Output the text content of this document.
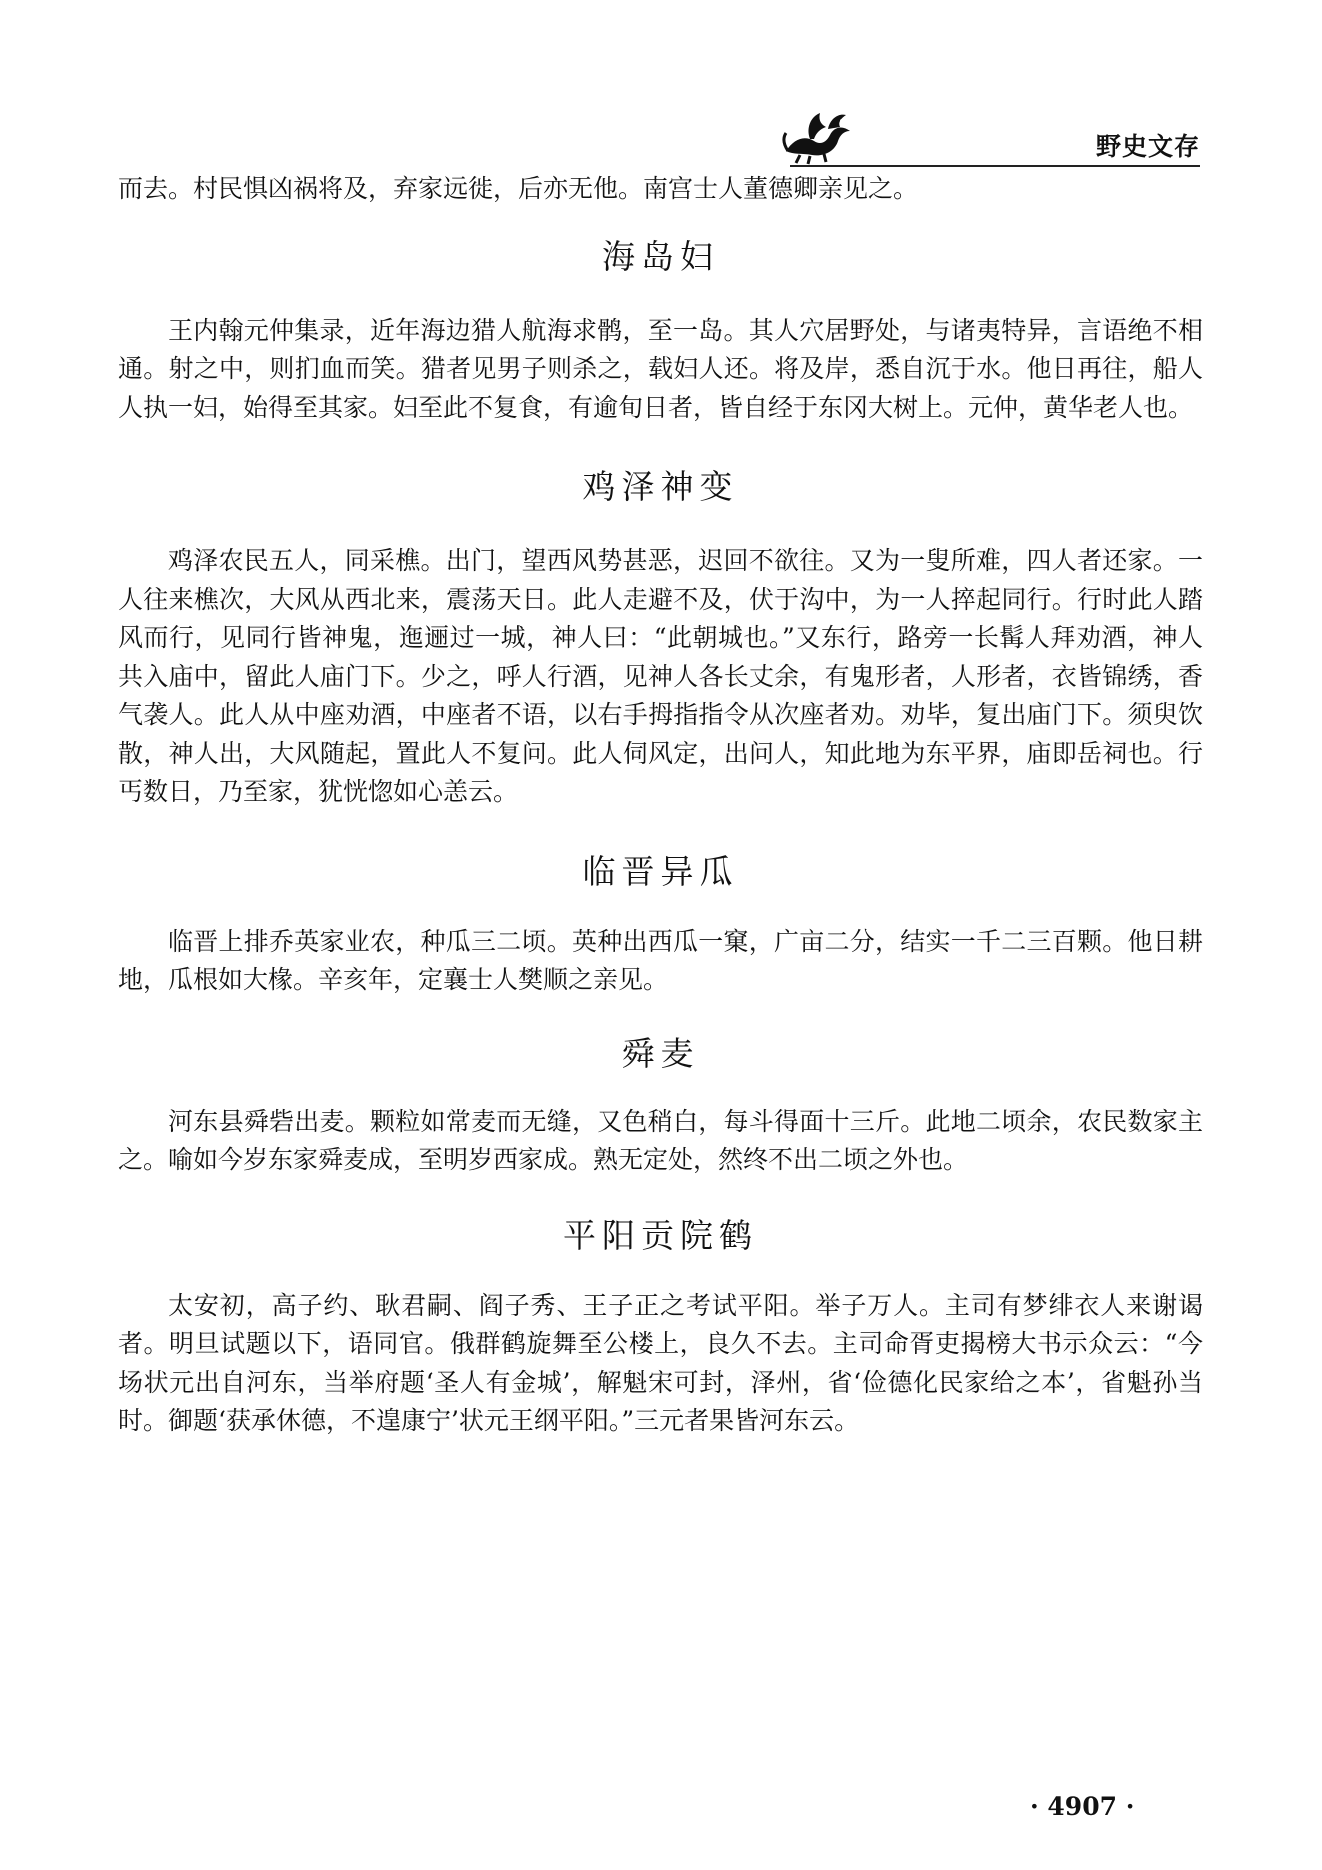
野史文存

而去。村民惧凶祸将及，弃家远徙，后亦无他。南宫士人董德卿亲见之。

海岛妇

王内翰元仲集录，近年海边猎人航海求鹘，至一岛。其人穴居野处，与诸夷特异，言语绝不相通。射之中，则扪血而笑。猎者见男子则杀之，载妇人还。将及岸，悉自沉于水。他日再往，船人人执一妇，始得至其家。妇至此不复食，有逾旬日者，皆自经于东冈大树上。元仲，黄华老人也。

鸡泽神变

鸡泽农民五人，同采樵。出门，望西风势甚恶，迟回不欲往。又为一叟所难，四人者还家。一人往来樵次，大风从西北来，震荡天日。此人走避不及，伏于沟中，为一人捽起同行。行时此人踏风而行，见同行皆神鬼，迤逦过一城，神人曰：“此朝城也。”又东行，路旁一长髯人拜劝酒，神人共入庙中，留此人庙门下。少之，呼人行酒，见神人各长丈余，有鬼形者，人形者，衣皆锦绣，香气袭人。此人从中座劝酒，中座者不语，以右手拇指指令从次座者劝。劝毕，复出庙门下。须臾饮散，神人出，大风随起，置此人不复问。此人伺风定，出问人，知此地为东平界，庙即岳祠也。行丐数日，乃至家，犹恍惚如心恙云。

临晋异瓜

临晋上排乔英家业农，种瓜三二顷。英种出西瓜一窠，广亩二分，结实一千二三百颗。他日耕地，瓜根如大椽。辛亥年，定襄士人樊顺之亲见。

舜麦

河东县舜砦出麦。颗粒如常麦而无缝，又色稍白，每斗得面十三斤。此地二顷余，农民数家主之。喻如今岁东家舜麦成，至明岁西家成。熟无定处，然终不出二顷之外也。

平阳贡院鹤

太安初，高子约、耿君嗣、阎子秀、王子正之考试平阳。举子万人。主司有梦绯衣人来谢谒者。明旦试题以下，语同官。俄群鹤旋舞至公楼上，良久不去。主司命胥吏揭榜大书示众云：“今场状元出自河东，当举府题‘圣人有金城’，解魁宋可封，泽州，省‘俭德化民家给之本’，省魁孙当时。御题‘获承休德，不遑康宁’状元王纲平阳。”三元者果皆河东云。

· 4907 ·
